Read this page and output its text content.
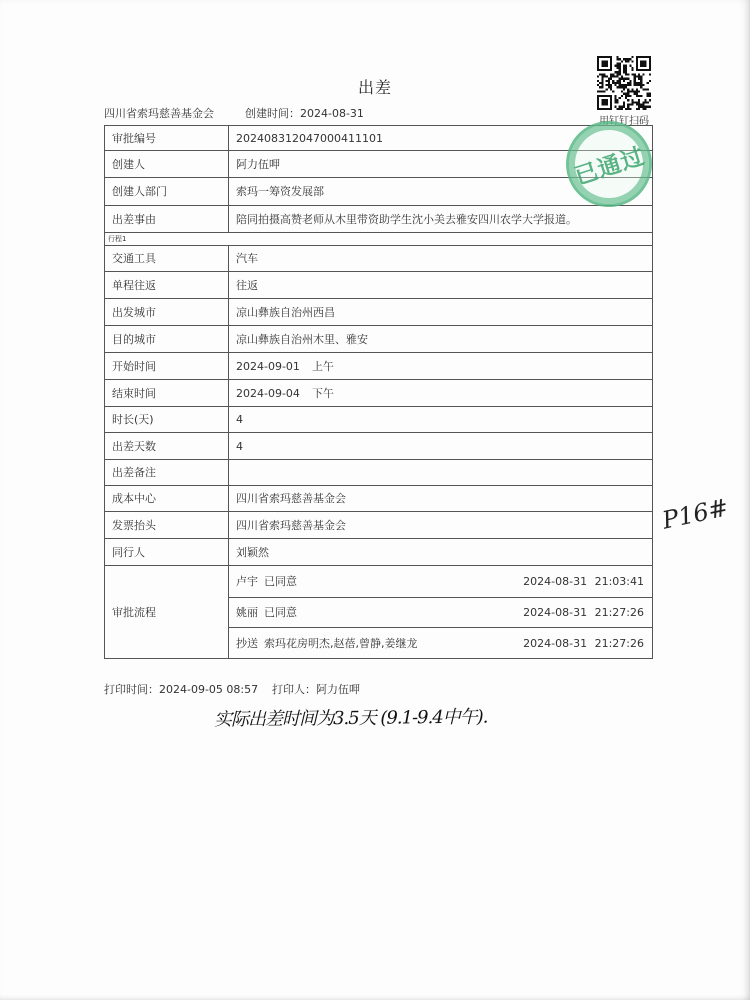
出差
用钉钉扫码
四川省索玛慈善基金会	创建时间：2024-08-31
审批编号	202408312047000411101
创建人	阿力伍呷
创建人部门	索玛一筹资发展部
出差事由	陪同拍摄高赞老师从木里带资助学生沈小美去雅安四川农学大学报道。
行程1	
交通工具	汽车
单程往返	往返
出发城市	凉山彝族自治州西昌
目的城市	凉山彝族自治州木里、雅安
开始时间	2024-09-01 上午
结束时间	2024-09-04 下午
时长(天)	4
出差天数	4
出差备注	
成本中心	四川省索玛慈善基金会
发票抬头	四川省索玛慈善基金会
同行人	刘颖然
审批流程	卢宇 已同意 2024-08-31 21:03:41

	姚丽 已同意 2024-08-31 21:27:26

	抄送 索玛花房明杰,赵蓓,曾静,姜继龙 2024-08-31 21:27:26
已通过
打印时间：2024-09-05 08:57 打印人：阿力伍呷
实际出差时间为3.5天 (9.1-9.4中午).
P16#
